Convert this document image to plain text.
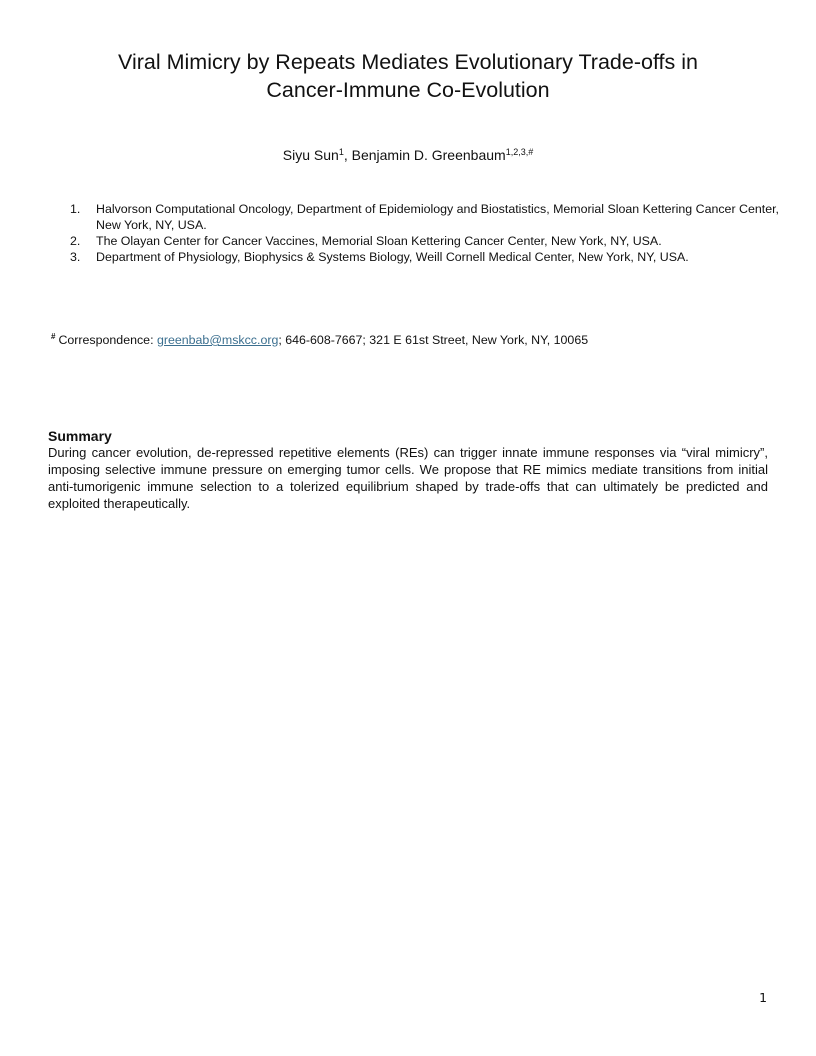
Viral Mimicry by Repeats Mediates Evolutionary Trade-offs in
Cancer-Immune Co-Evolution
Siyu Sun$^1$, Benjamin D. Greenbaum$^{1,2,3,\#}$
1. Halvorson Computational Oncology, Department of Epidemiology and Biostatistics, Memorial Sloan Kettering Cancer Center, New York, NY, USA.
2. The Olayan Center for Cancer Vaccines, Memorial Sloan Kettering Cancer Center, New York, NY, USA.
3. Department of Physiology, Biophysics & Systems Biology, Weill Cornell Medical Center, New York, NY, USA.
# Correspondence: greenbab@mskcc.org; 646-608-7667; 321 E 61st Street, New York, NY, 10065
Summary

During cancer evolution, de-repressed repetitive elements (REs) can trigger innate immune responses via “viral mimicry”, imposing selective immune pressure on emerging tumor cells. We propose that RE mimics mediate transitions from initial anti-tumorigenic immune selection to a tolerized equilibrium shaped by trade-offs that can ultimately be predicted and exploited therapeutically.

1
